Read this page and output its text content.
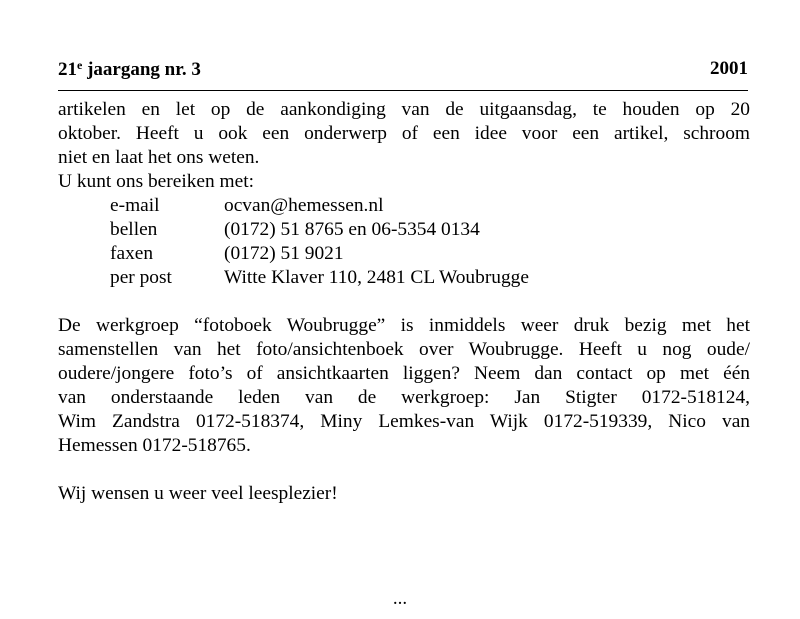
21e jaargang nr. 3	2001

artikelen en let op de aankondiging van de uitgaansdag, te houden op 20

oktober. Heeft u ook een onderwerp of een idee voor een artikel, schroom

niet en laat het ons weten.

U kunt ons bereiken met:

e-mail	ocvan@hemessen.nl
bellen	(0172) 51 8765 en 06-5354 0134
faxen	(0172) 51 9021
per post	Witte Klaver 110, 2481 CL Woubrugge

De werkgroep “fotoboek Woubrugge” is inmiddels weer druk bezig met het

samenstellen van het foto/ansichtenboek over Woubrugge. Heeft u nog oude/

oudere/jongere foto’s of ansichtkaarten liggen? Neem dan contact op met één

van onderstaande leden van de werkgroep: Jan Stigter 0172-518124,

Wim Zandstra 0172-518374, Miny Lemkes-van Wijk 0172-519339, Nico van

Hemessen 0172-518765.

Wij wensen u weer veel leesplezier!

...
